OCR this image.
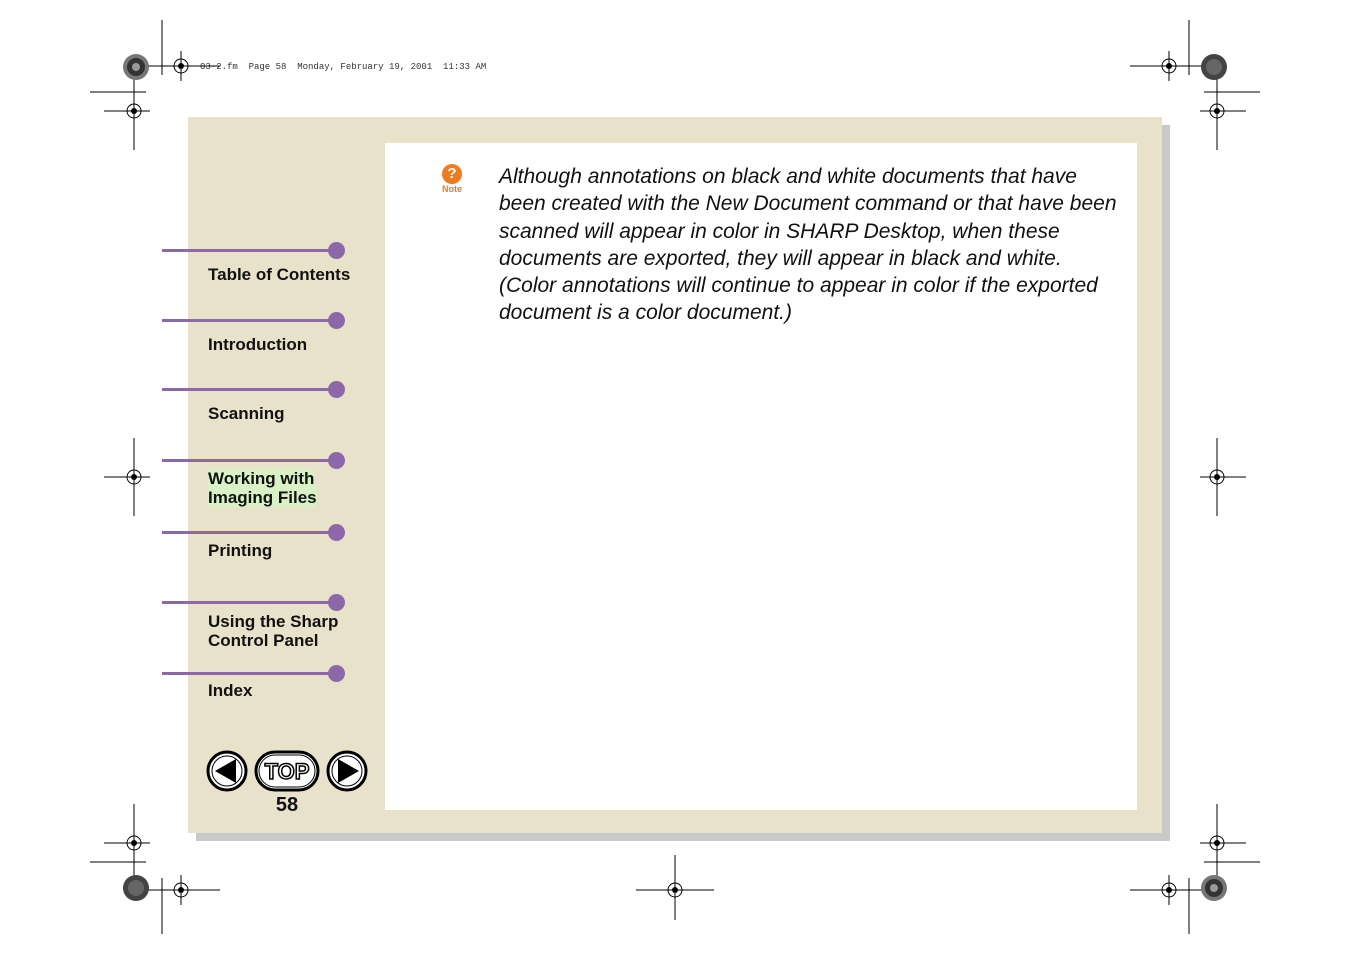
03-2.fm  Page 58  Monday, February 19, 2001  11:33 AM
Table of Contents
Introduction
Scanning
Working with
Imaging Files
Printing
Using the Sharp
Control Panel
Index
?
Note
Although annotations on black and white documents that have been created with the New Document command or that have been scanned will appear in color in SHARP Desktop, when these documents are exported, they will appear in black and white. (Color annotations will continue to appear in color if the exported document is a color document.)
TOP
58
